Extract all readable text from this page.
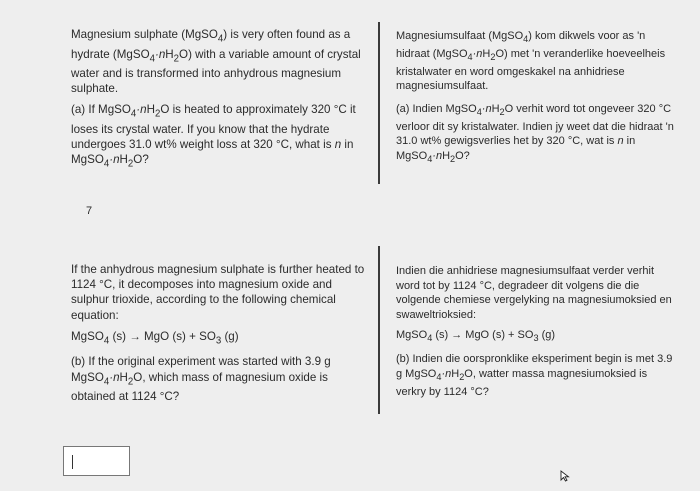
Magnesium sulphate (MgSO$_4$) is very often found as a hydrate $(MgSO_4\cdot nH_2O)$ with a variable amount of crystal water and is transformed into anhydrous magnesium sulphate.

(a) If $MgSO_4\cdot nH_2O$ is heated to approximately 320 °C it loses its crystal water. If you know that the hydrate undergoes 31.0 wt% weight loss at 320 °C, what is n in $MgSO_4\cdot nH_2O$?

7

Magnesiumsulfaat (MgSO$_4$) kom dikwels voor as 'n hidraat $(MgSO_4\cdot nH_2O)$ met 'n veranderlike hoeveelheis kristalwater en word omgeskakel na anhidriese magnesiumsulfaat.

(a) Indien $MgSO_4\cdot nH_2O$ verhit word tot ongeveer 320 °C verloor dit sy kristalwater. Indien jy weet dat die hidraat 'n 31.0 wt% gewigsverlies het by 320 °C, wat is n in $MgSO_4\cdot nH_2O$?

If the anhydrous magnesium sulphate is further heated to 1124 °C, it decomposes into magnesium oxide and sulphur trioxide, according to the following chemical equation:

MgSO$_4$ (s) → MgO $(s) + SO_3$ (g)

(b) If the original experiment was started with 3.9 g $MgSO_4\cdot nH_2O$, which mass of magnesium oxide is obtained at 1124 °C?

Indien die anhidriese magnesiumsulfaat verder verhit word tot by 1124 °C, degradeer dit volgens die die volgende chemiese vergelyking na magnesiumoksied en swaweltrioksied:

MgSO$_4$ (s) → MgO $(s) + SO_3$ (g)

(b) Indien die oorspronklike eksperiment begin is met 3.9 g $MgSO_4\cdot nH_2O$, watter massa magnesiumoksied is verkry by 1124 °C?
